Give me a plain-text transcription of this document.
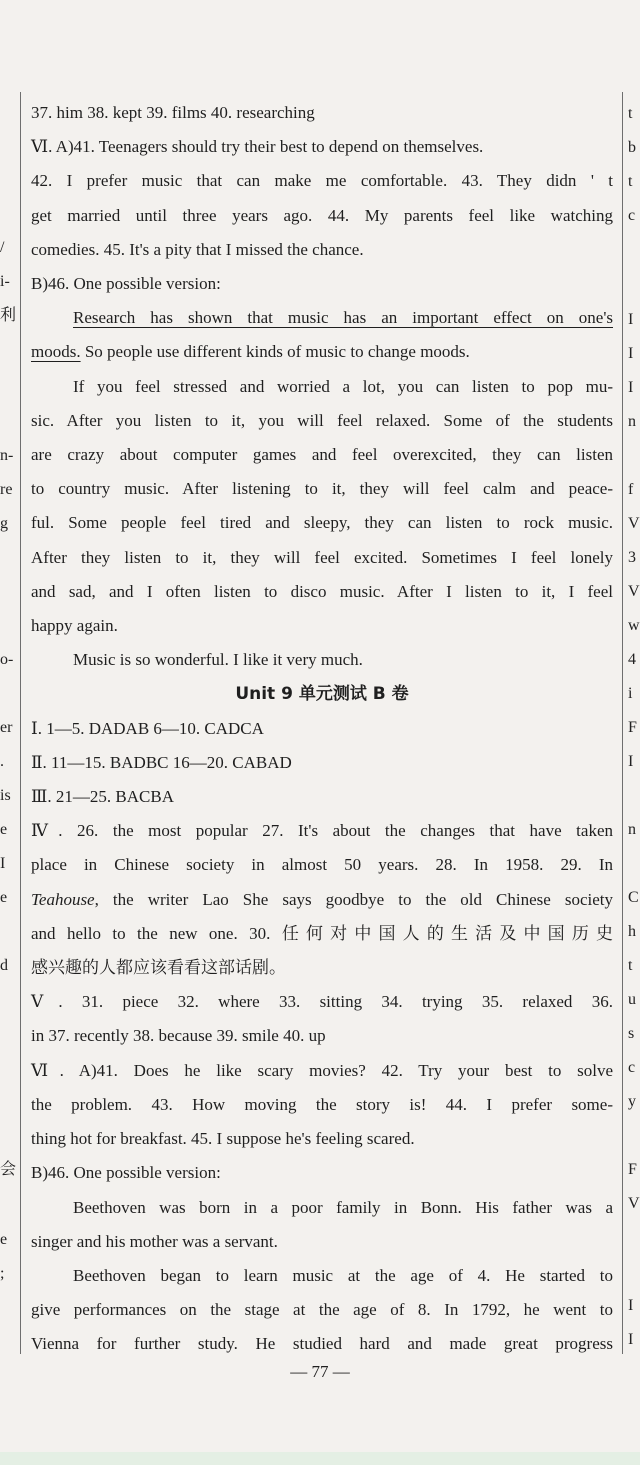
/
i-
利
n-
re
g
o-
er
.
is
e
I
e
d
会
e
;
t
b
t
c
I
I
I
n
f
V
3
V
w
4
i
F
I
n
C
h
t
u
s
c
y
F
V
I
I

37. him 38. kept 39. films 40. researching

Ⅵ. A)41. Teenagers should try their best to depend on themselves.

42. I prefer music that can make me comfortable. 43. They didn ' t

get married until three years ago. 44. My parents feel like watching

comedies. 45. It's a pity that I missed the chance.

B)46. One possible version:

Research has shown that music has an important effect on one's

moods. So people use different kinds of music to change moods.

If you feel stressed and worried a lot, you can listen to pop mu-

sic. After you listen to it, you will feel relaxed. Some of the students

are crazy about computer games and feel overexcited, they can listen

to country music. After listening to it, they will feel calm and peace-

ful. Some people feel tired and sleepy, they can listen to rock music.

After they listen to it, they will feel excited. Sometimes I feel lonely

and sad, and I often listen to disco music. After I listen to it, I feel

happy again.

Music is so wonderful. I like it very much.

Unit 9 单元测试 B 卷

Ⅰ. 1—5. DADAB 6—10. CADCA

Ⅱ. 11—15. BADBC 16—20. CABAD

Ⅲ. 21—25. BACBA

Ⅳ. 26. the most popular 27. It's about the changes that have taken

place in Chinese society in almost 50 years. 28. In 1958. 29. In

Teahouse, the writer Lao She says goodbye to the old Chinese society

and hello to the new one. 30. 任何对中国人的生活及中国历史

感兴趣的人都应该看看这部话剧。

Ⅴ. 31. piece 32. where 33. sitting 34. trying 35. relaxed 36.

in 37. recently 38. because 39. smile 40. up

Ⅵ. A)41. Does he like scary movies? 42. Try your best to solve

the problem. 43. How moving the story is! 44. I prefer some-

thing hot for breakfast. 45. I suppose he's feeling scared.

B)46. One possible version:

Beethoven was born in a poor family in Bonn. His father was a

singer and his mother was a servant.

Beethoven began to learn music at the age of 4. He started to

give performances on the stage at the age of 8. In 1792, he went to

Vienna for further study. He studied hard and made great progress

— 77 —
